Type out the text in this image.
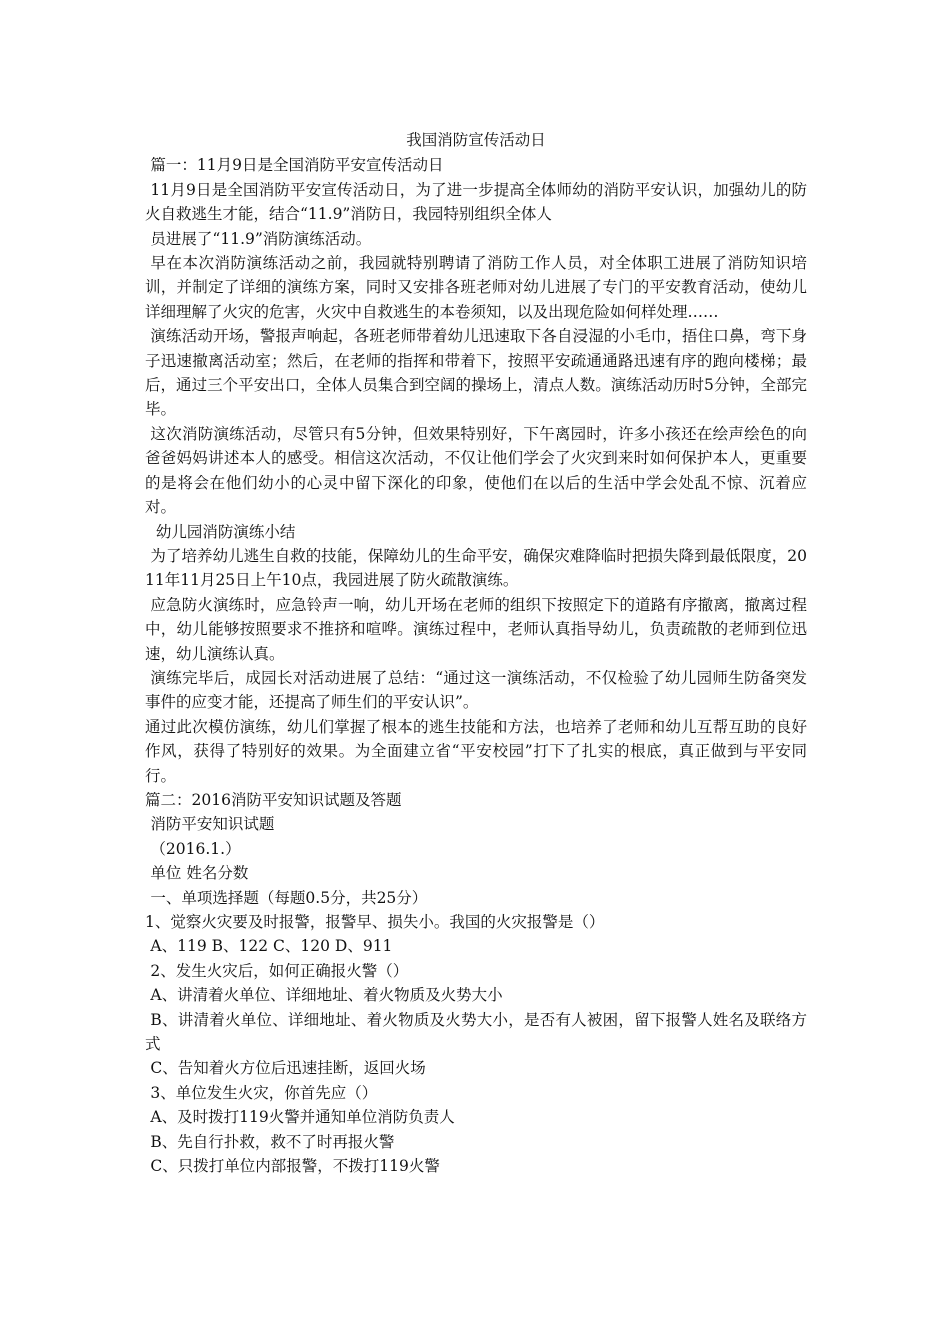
我国消防宣传活动日

篇一：11月9日是全国消防平安宣传活动日

11月9日是全国消防平安宣传活动日，为了进一步提高全体师幼的消防平安认识，加强幼儿的防火自救逃生才能，结合“11.9”消防日，我园特别组织全体人

员进展了“11.9”消防演练活动。

早在本次消防演练活动之前，我园就特别聘请了消防工作人员，对全体职工进展了消防知识培训，并制定了详细的演练方案，同时又安排各班老师对幼儿进展了专门的平安教育活动，使幼儿详细理解了火灾的危害，火灾中自救逃生的本卷须知，以及出现危险如何样处理……

演练活动开场，警报声响起，各班老师带着幼儿迅速取下各自浸湿的小毛巾，捂住口鼻，弯下身子迅速撤离活动室；然后，在老师的指挥和带着下，按照平安疏通通路迅速有序的跑向楼梯；最后，通过三个平安出口，全体人员集合到空阔的操场上，清点人数。演练活动历时5分钟，全部完毕。

这次消防演练活动，尽管只有5分钟，但效果特别好，下午离园时，许多小孩还在绘声绘色的向爸爸妈妈讲述本人的感受。相信这次活动，不仅让他们学会了火灾到来时如何保护本人，更重要的是将会在他们幼小的心灵中留下深化的印象，使他们在以后的生活中学会处乱不惊、沉着应对。

幼儿园消防演练小结

为了培养幼儿逃生自救的技能，保障幼儿的生命平安，确保灾难降临时把损失降到最低限度，2011年11月25日上午10点，我园进展了防火疏散演练。

应急防火演练时，应急铃声一响，幼儿开场在老师的组织下按照定下的道路有序撤离，撤离过程中，幼儿能够按照要求不推挤和喧哗。演练过程中，老师认真指导幼儿，负责疏散的老师到位迅速，幼儿演练认真。

演练完毕后，成园长对活动进展了总结：“通过这一演练活动，不仅检验了幼儿园师生防备突发事件的应变才能，还提高了师生们的平安认识”。

通过此次模仿演练，幼儿们掌握了根本的逃生技能和方法，也培养了老师和幼儿互帮互助的良好作风，获得了特别好的效果。为全面建立省“平安校园”打下了扎实的根底，真正做到与平安同行。

篇二：2016消防平安知识试题及答题

消防平安知识试题

（2016.1.）

单位 姓名分数

一、单项选择题（每题0.5分，共25分）

1、觉察火灾要及时报警，报警早、损失小。我国的火灾报警是（）

A、119 B、122 C、120 D、911

2、发生火灾后，如何正确报火警（）

A、讲清着火单位、详细地址、着火物质及火势大小

B、讲清着火单位、详细地址、着火物质及火势大小，是否有人被困，留下报警人姓名及联络方式

C、告知着火方位后迅速挂断，返回火场

3、单位发生火灾，你首先应（）

A、及时拨打119火警并通知单位消防负责人

B、先自行扑救，救不了时再报火警

C、只拨打单位内部报警，不拨打119火警
